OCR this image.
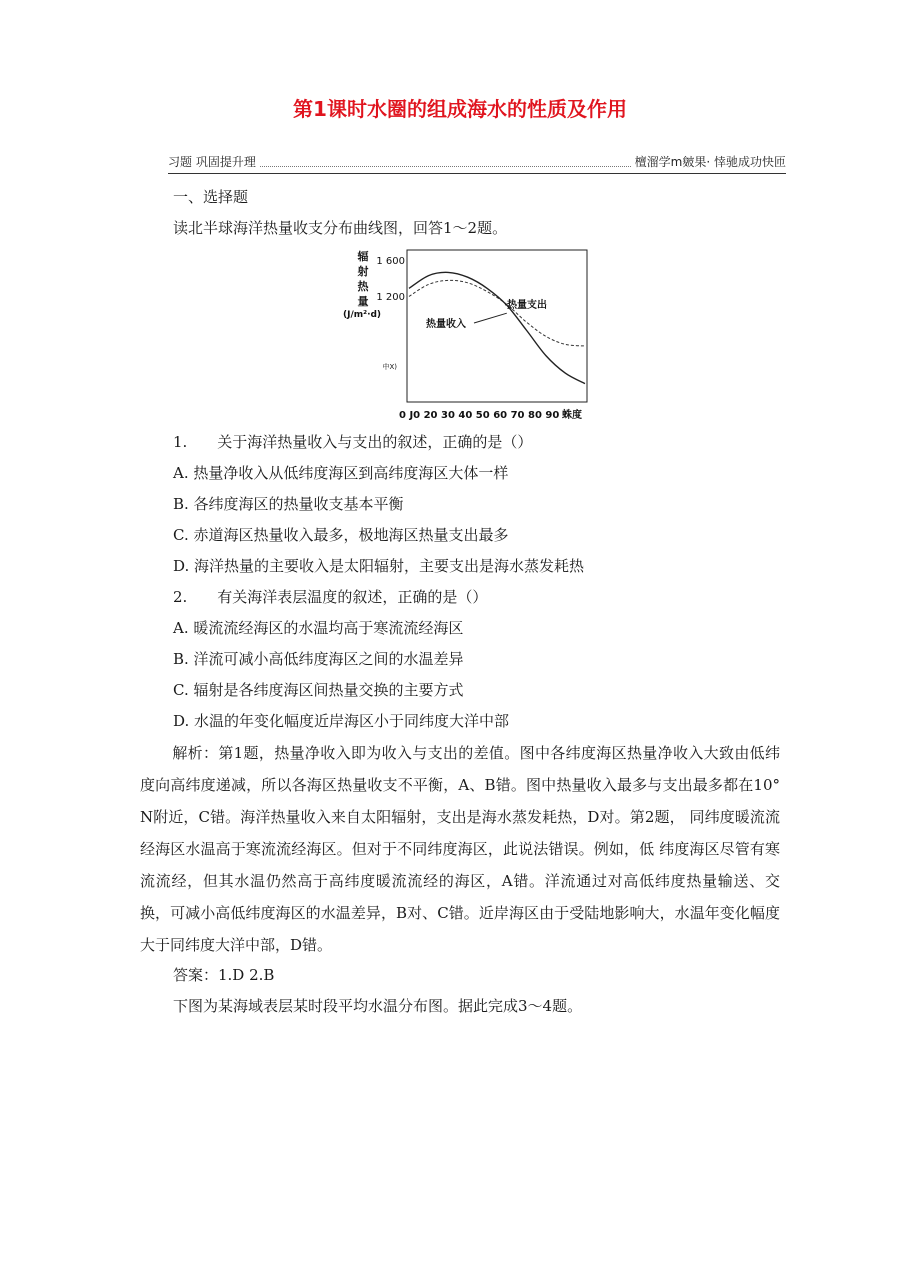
第1课时水圈的组成海水的性质及作用
习题 巩固提升理	檀溜学m皴果· 悻驰成功快匝
一、选择题
读北半球海洋热量收支分布曲线图，回答1〜2题。
辐
射
热
量
(J/m²·d)
1 600
1 200
中X)
热量支出
热量收入
0 J0 20 30 40 50 60 70 80 90 蛛度
1.　　关于海洋热量收入与支出的叙述，正确的是（）
A. 热量净收入从低纬度海区到高纬度海区大体一样
B. 各纬度海区的热量收支基本平衡
C. 赤道海区热量收入最多，极地海区热量支出最多
D. 海洋热量的主要收入是太阳辐射，主要支出是海水蒸发耗热
2.　　有关海洋表层温度的叙述，正确的是（）
A. 暖流流经海区的水温均高于寒流流经海区
B. 洋流可减小高低纬度海区之间的水温差异
C. 辐射是各纬度海区间热量交换的主要方式
D. 水温的年变化幅度近岸海区小于同纬度大洋中部
解析：第1题，热量净收入即为收入与支出的差值。图中各纬度海区热量净收入大致由低纬度向高纬度递减，所以各海区热量收支不平衡，A、B错。图中热量收入最多与支出最多都在10° N附近，C错。海洋热量收入来自太阳辐射，支出是海水蒸发耗热，D对。第2题， 同纬度暖流流经海区水温高于寒流流经海区。但对于不同纬度海区，此说法错误。例如，低 纬度海区尽管有寒流流经，但其水温仍然高于高纬度暖流流经的海区，A错。洋流通过对高低纬度热量输送、交换，可减小高低纬度海区的水温差异，B对、C错。近岸海区由于受陆地影响大，水温年变化幅度大于同纬度大洋中部，D错。
答案：1.D 2.B
下图为某海域表层某时段平均水温分布图。据此完成3〜4题。
